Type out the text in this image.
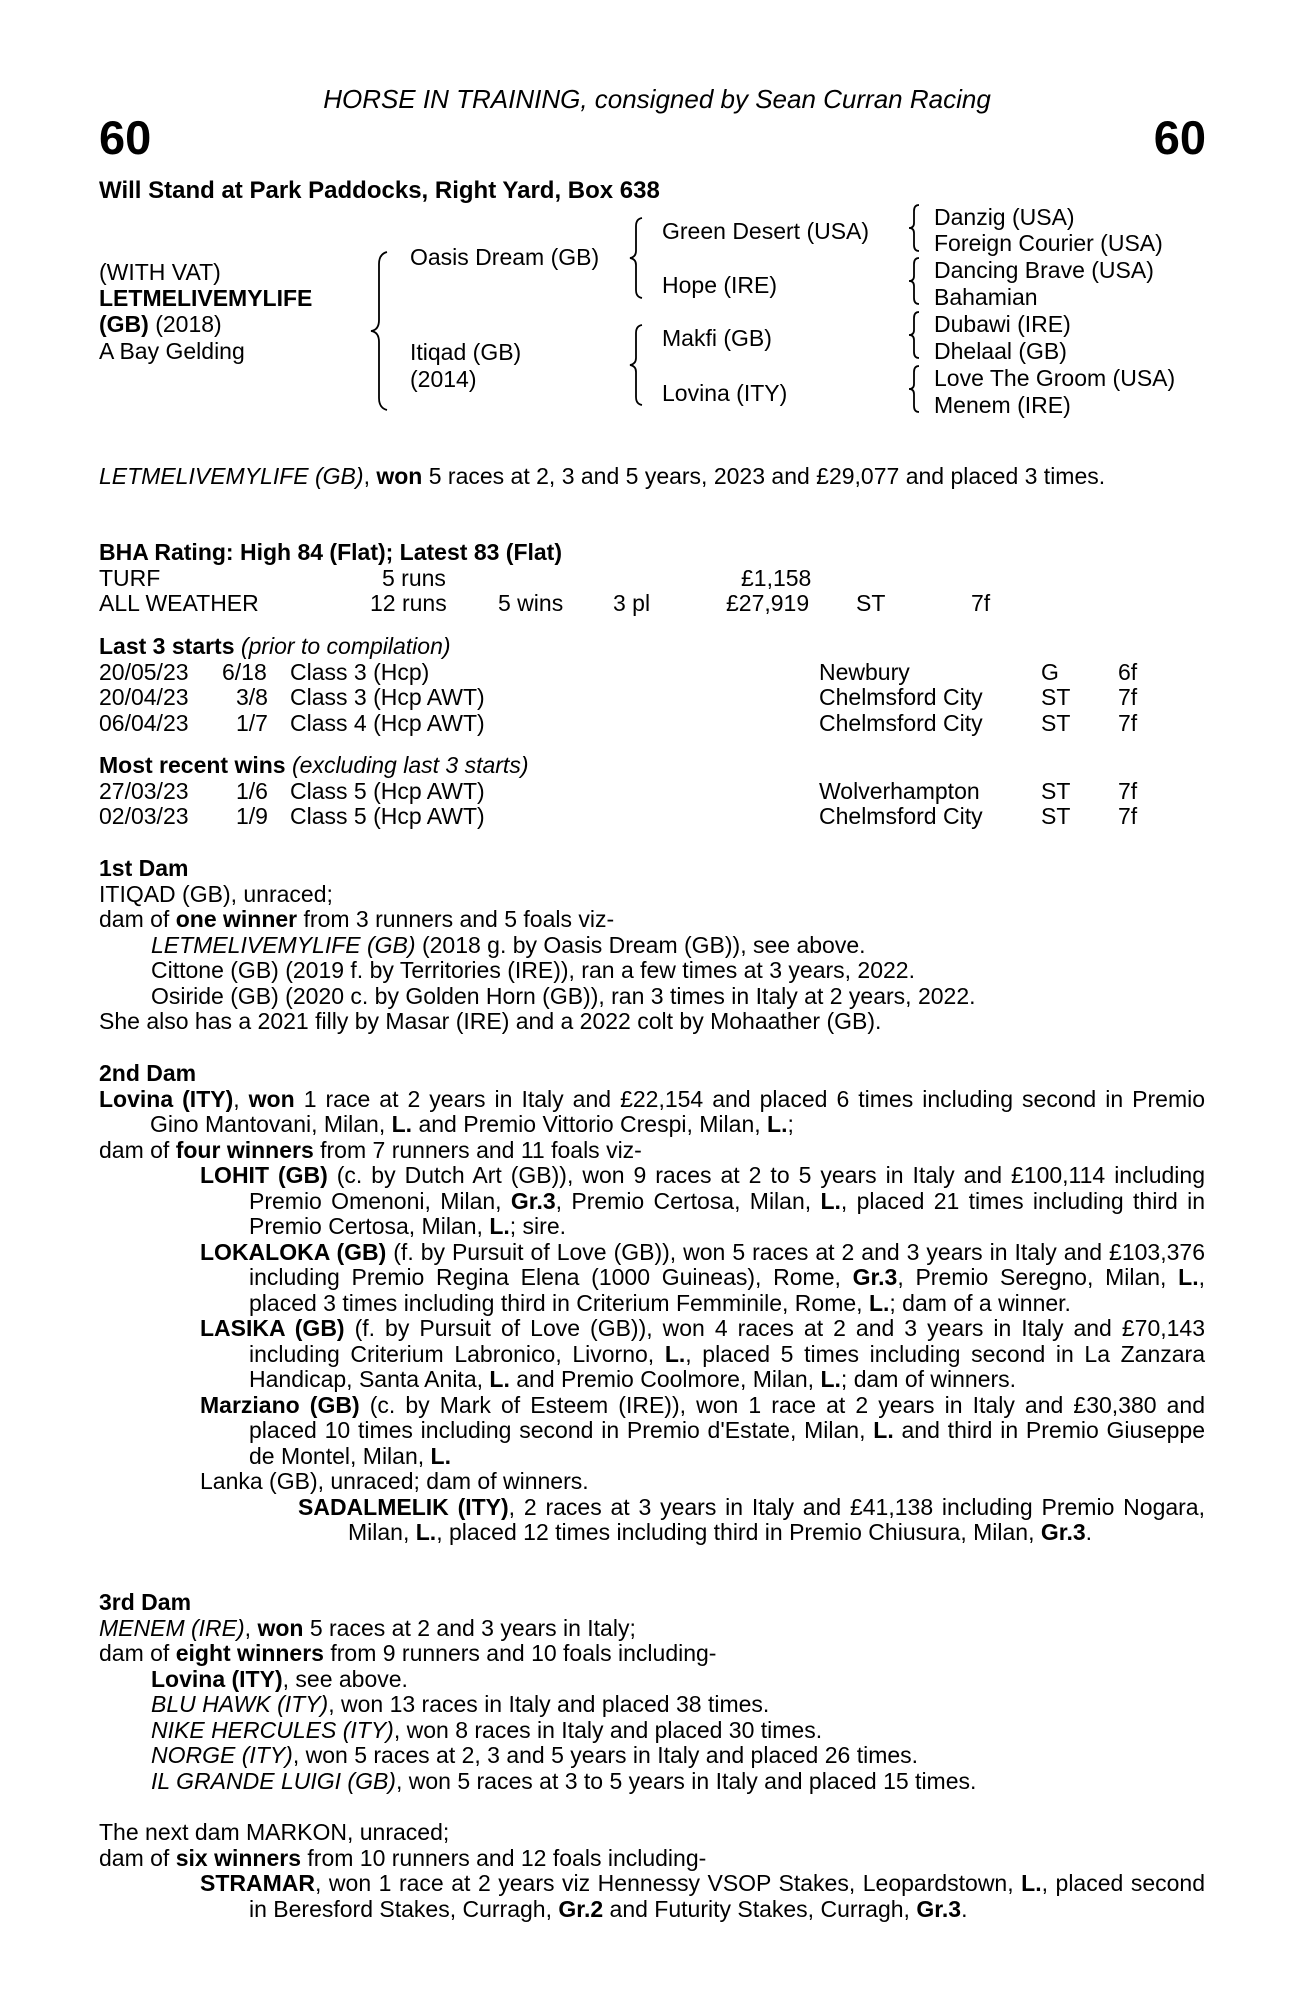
HORSE IN TRAINING, consigned by Sean Curran Racing
60	60
Will Stand at Park Paddocks, Right Yard, Box 638
(WITH VAT)
LETMELIVEMYLIFE
(GB) (2018)
A Bay Gelding
Oasis Dream (GB)
Itiqad (GB)
(2014)
Green Desert (USA)
Hope (IRE)
Makfi (GB)
Lovina (ITY)
Danzig (USA)
Foreign Courier (USA)
Dancing Brave (USA)
Bahamian
Dubawi (IRE)
Dhelaal (GB)
Love The Groom (USA)
Menem (IRE)

LETMELIVEMYLIFE (GB), won 5 races at 2, 3 and 5 years, 2023 and £29,077 and placed 3 times.

BHA Rating: High 84 (Flat); Latest 83 (Flat)

TURF	5 runs	£1,158
ALL WEATHER	12 runs 5 wins 3 pl	£27,919 ST	7f

Last 3 starts (prior to compilation)

20/05/23 6/18 Class 3 (Hcp)	Newbury	G	6f
20/04/23 3/8 Class 3 (Hcp AWT)	Chelmsford City	ST 7f
06/04/23 1/7 Class 4 (Hcp AWT)	Chelmsford City	ST 7f

Most recent wins (excluding last 3 starts)

27/03/23 1/6 Class 5 (Hcp AWT)	Wolverhampton	ST 7f
02/03/23 1/9 Class 5 (Hcp AWT)	Chelmsford City	ST 7f

1st Dam

ITIQAD (GB), unraced;

dam of one winner from 3 runners and 5 foals viz-

LETMELIVEMYLIFE (GB) (2018 g. by Oasis Dream (GB)), see above.

Cittone (GB) (2019 f. by Territories (IRE)), ran a few times at 3 years, 2022.

Osiride (GB) (2020 c. by Golden Horn (GB)), ran 3 times in Italy at 2 years, 2022.

She also has a 2021 filly by Masar (IRE) and a 2022 colt by Mohaather (GB).

2nd Dam

Lovina (ITY), won 1 race at 2 years in Italy and £22,154 and placed 6 times including second in Premio Gino Mantovani, Milan, L. and Premio Vittorio Crespi, Milan, L.;

dam of four winners from 7 runners and 11 foals viz-

LOHIT (GB) (c. by Dutch Art (GB)), won 9 races at 2 to 5 years in Italy and £100,114 including Premio Omenoni, Milan, Gr.3, Premio Certosa, Milan, L., placed 21 times including third in Premio Certosa, Milan, L.; sire.

LOKALOKA (GB) (f. by Pursuit of Love (GB)), won 5 races at 2 and 3 years in Italy and £103,376 including Premio Regina Elena (1000 Guineas), Rome, Gr.3, Premio Seregno, Milan, L., placed 3 times including third in Criterium Femminile, Rome, L.; dam of a winner.

LASIKA (GB) (f. by Pursuit of Love (GB)), won 4 races at 2 and 3 years in Italy and £70,143 including Criterium Labronico, Livorno, L., placed 5 times including second in La Zanzara Handicap, Santa Anita, L. and Premio Coolmore, Milan, L.; dam of winners.

Marziano (GB) (c. by Mark of Esteem (IRE)), won 1 race at 2 years in Italy and £30,380 and placed 10 times including second in Premio d'Estate, Milan, L. and third in Premio Giuseppe de Montel, Milan, L.

Lanka (GB), unraced; dam of winners.

SADALMELIK (ITY), 2 races at 3 years in Italy and £41,138 including Premio Nogara, Milan, L., placed 12 times including third in Premio Chiusura, Milan, Gr.3.

3rd Dam

MENEM (IRE), won 5 races at 2 and 3 years in Italy;

dam of eight winners from 9 runners and 10 foals including-

Lovina (ITY), see above.

BLU HAWK (ITY), won 13 races in Italy and placed 38 times.

NIKE HERCULES (ITY), won 8 races in Italy and placed 30 times.

NORGE (ITY), won 5 races at 2, 3 and 5 years in Italy and placed 26 times.

IL GRANDE LUIGI (GB), won 5 races at 3 to 5 years in Italy and placed 15 times.

The next dam MARKON, unraced;

dam of six winners from 10 runners and 12 foals including-

STRAMAR, won 1 race at 2 years viz Hennessy VSOP Stakes, Leopardstown, L., placed second in Beresford Stakes, Curragh, Gr.2 and Futurity Stakes, Curragh, Gr.3.
